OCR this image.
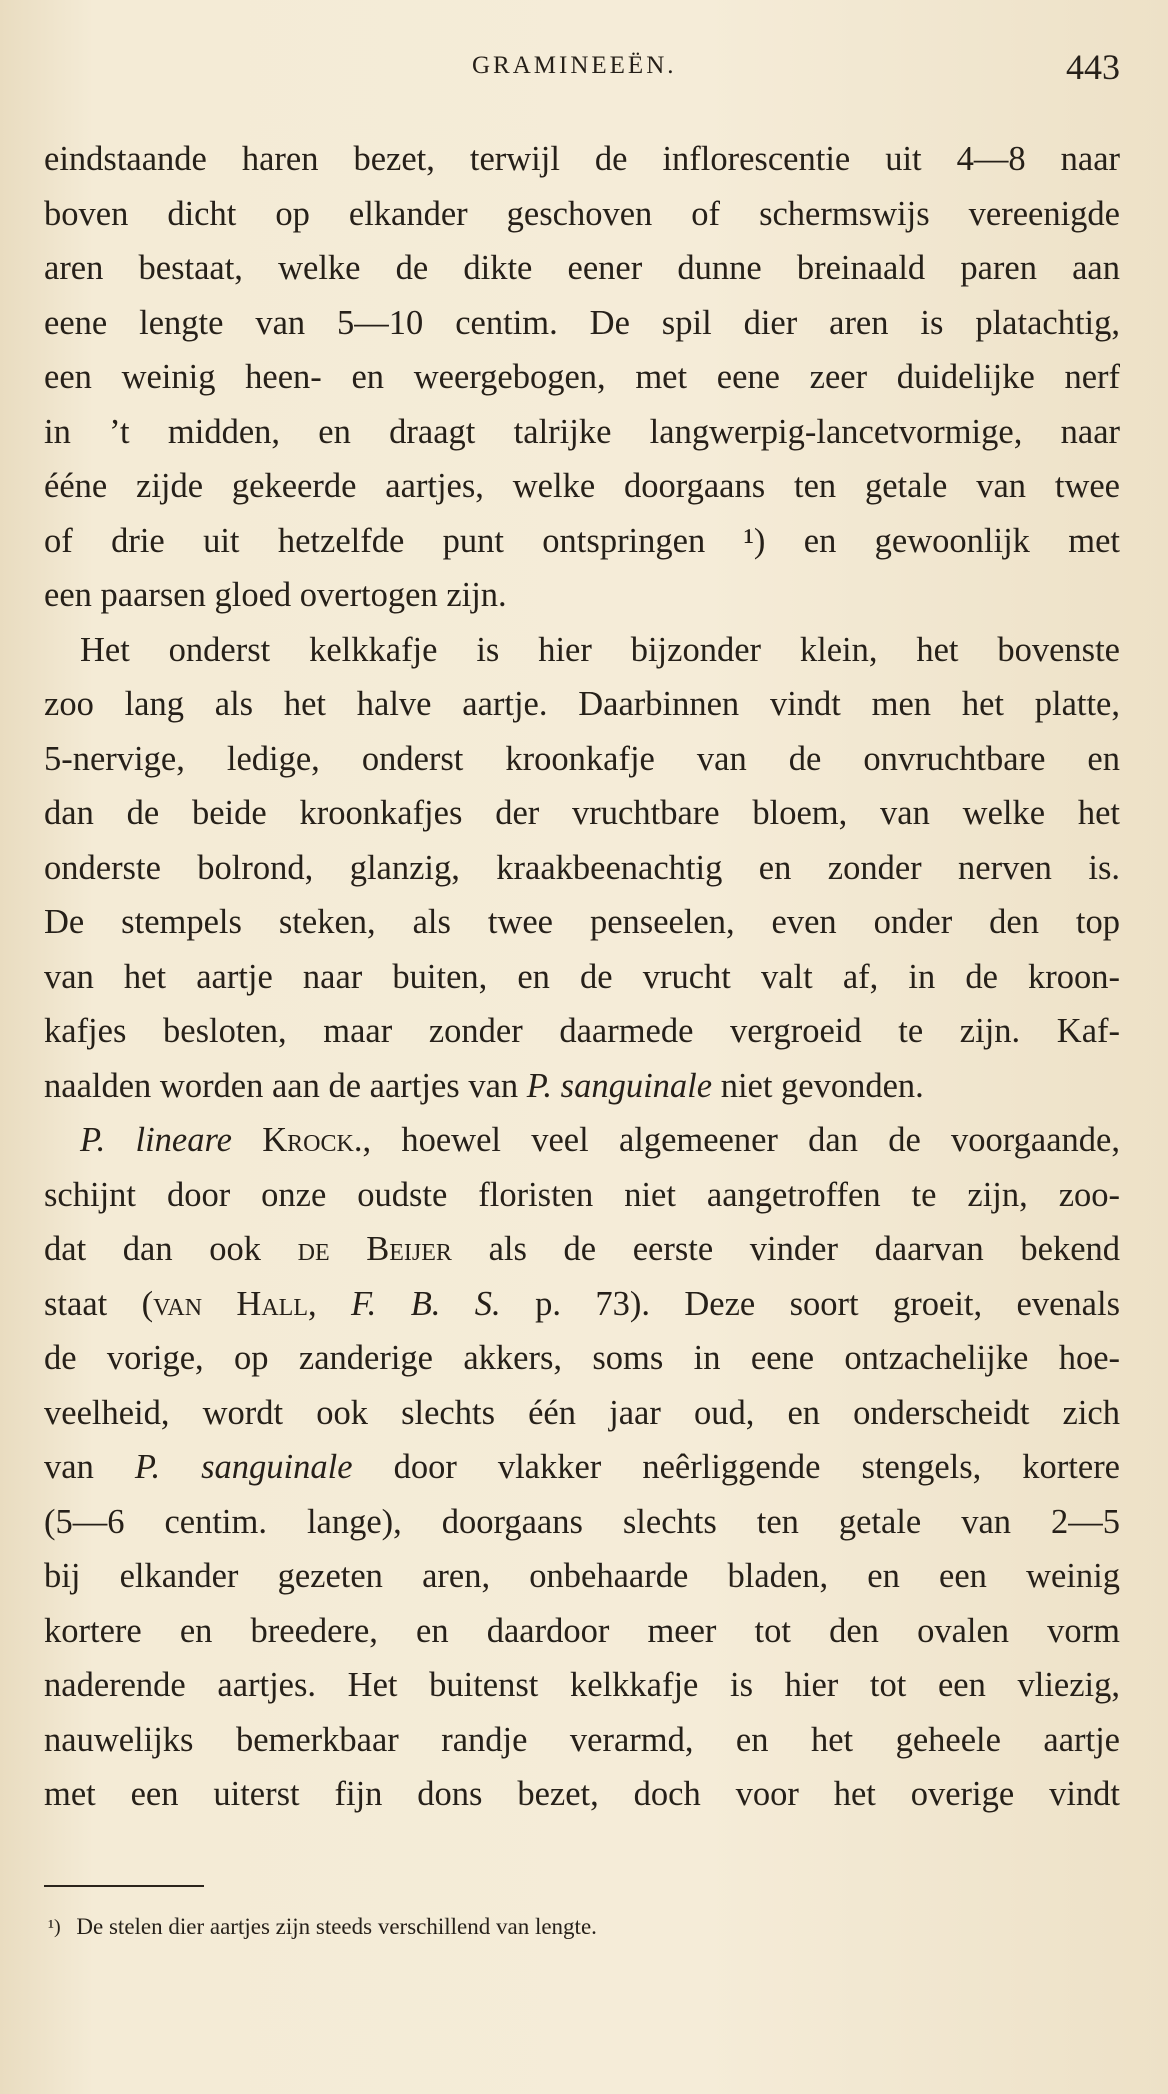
GRAMINEEËN.	443
eindstaande haren bezet, terwijl de inflorescentie uit 4—8 naar
boven dicht op elkander geschoven of schermswijs vereenigde
aren bestaat, welke de dikte eener dunne breinaald paren aan
eene lengte van 5—10 centim. De spil dier aren is platachtig,
een weinig heen- en weergebogen, met eene zeer duidelijke nerf
in ’t midden, en draagt talrijke langwerpig-lancetvormige, naar
ééne zijde gekeerde aartjes, welke doorgaans ten getale van twee
of drie uit hetzelfde punt ontspringen ¹) en gewoonlijk met
een paarsen gloed overtogen zijn.
Het onderst kelkkafje is hier bijzonder klein, het bovenste
zoo lang als het halve aartje. Daarbinnen vindt men het platte,
5-nervige, ledige, onderst kroonkafje van de onvruchtbare en
dan de beide kroonkafjes der vruchtbare bloem, van welke het
onderste bolrond, glanzig, kraakbeenachtig en zonder nerven is.
De stempels steken, als twee penseelen, even onder den top
van het aartje naar buiten, en de vrucht valt af, in de kroon-
kafjes besloten, maar zonder daarmede vergroeid te zijn. Kaf-
naalden worden aan de aartjes van P. sanguinale niet gevonden.
P. lineare Krock., hoewel veel algemeener dan de voorgaande,
schijnt door onze oudste floristen niet aangetroffen te zijn, zoo-
dat dan ook de Beijer als de eerste vinder daarvan bekend
staat (van Hall, F. B. S. p. 73). Deze soort groeit, evenals
de vorige, op zanderige akkers, soms in eene ontzachelijke hoe-
veelheid, wordt ook slechts één jaar oud, en onderscheidt zich
van P. sanguinale door vlakker neêrliggende stengels, kortere
(5—6 centim. lange), doorgaans slechts ten getale van 2—5
bij elkander gezeten aren, onbehaarde bladen, en een weinig
kortere en breedere, en daardoor meer tot den ovalen vorm
naderende aartjes. Het buitenst kelkkafje is hier tot een vliezig,
nauwelijks bemerkbaar randje verarmd, en het geheele aartje
met een uiterst fijn dons bezet, doch voor het overige vindt
¹) De stelen dier aartjes zijn steeds verschillend van lengte.
